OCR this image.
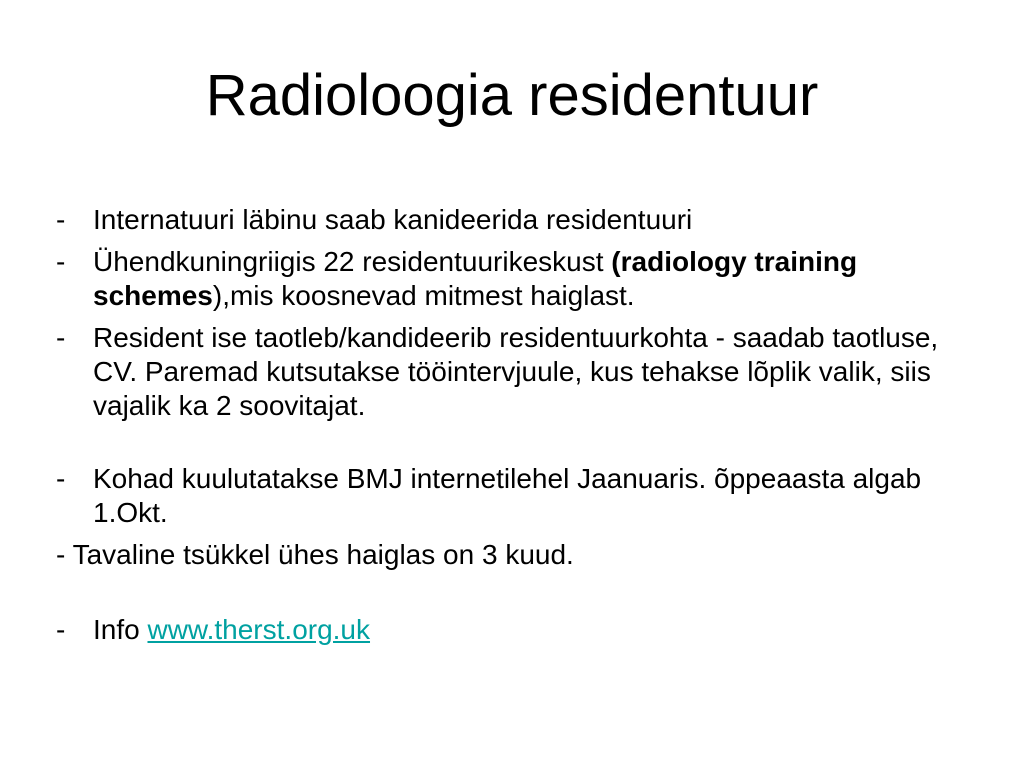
Radioloogia residentuur
- Internatuuri läbinu saab kanideerida residentuuri
- Ühendkuningriigis 22 residentuurikeskust (radiology training schemes),mis koosnevad mitmest haiglast.
- Resident ise taotleb/kandideerib residentuurkohta - saadab taotluse, CV. Paremad kutsutakse tööintervjuule, kus tehakse lõplik valik, siis vajalik ka 2 soovitajat.
- Kohad kuulutatakse BMJ internetilehel Jaanuaris. õppeaasta algab 1.Okt.
- Tavaline tsükkel ühes haiglas on 3 kuud.
- Info www.therst.org.uk
